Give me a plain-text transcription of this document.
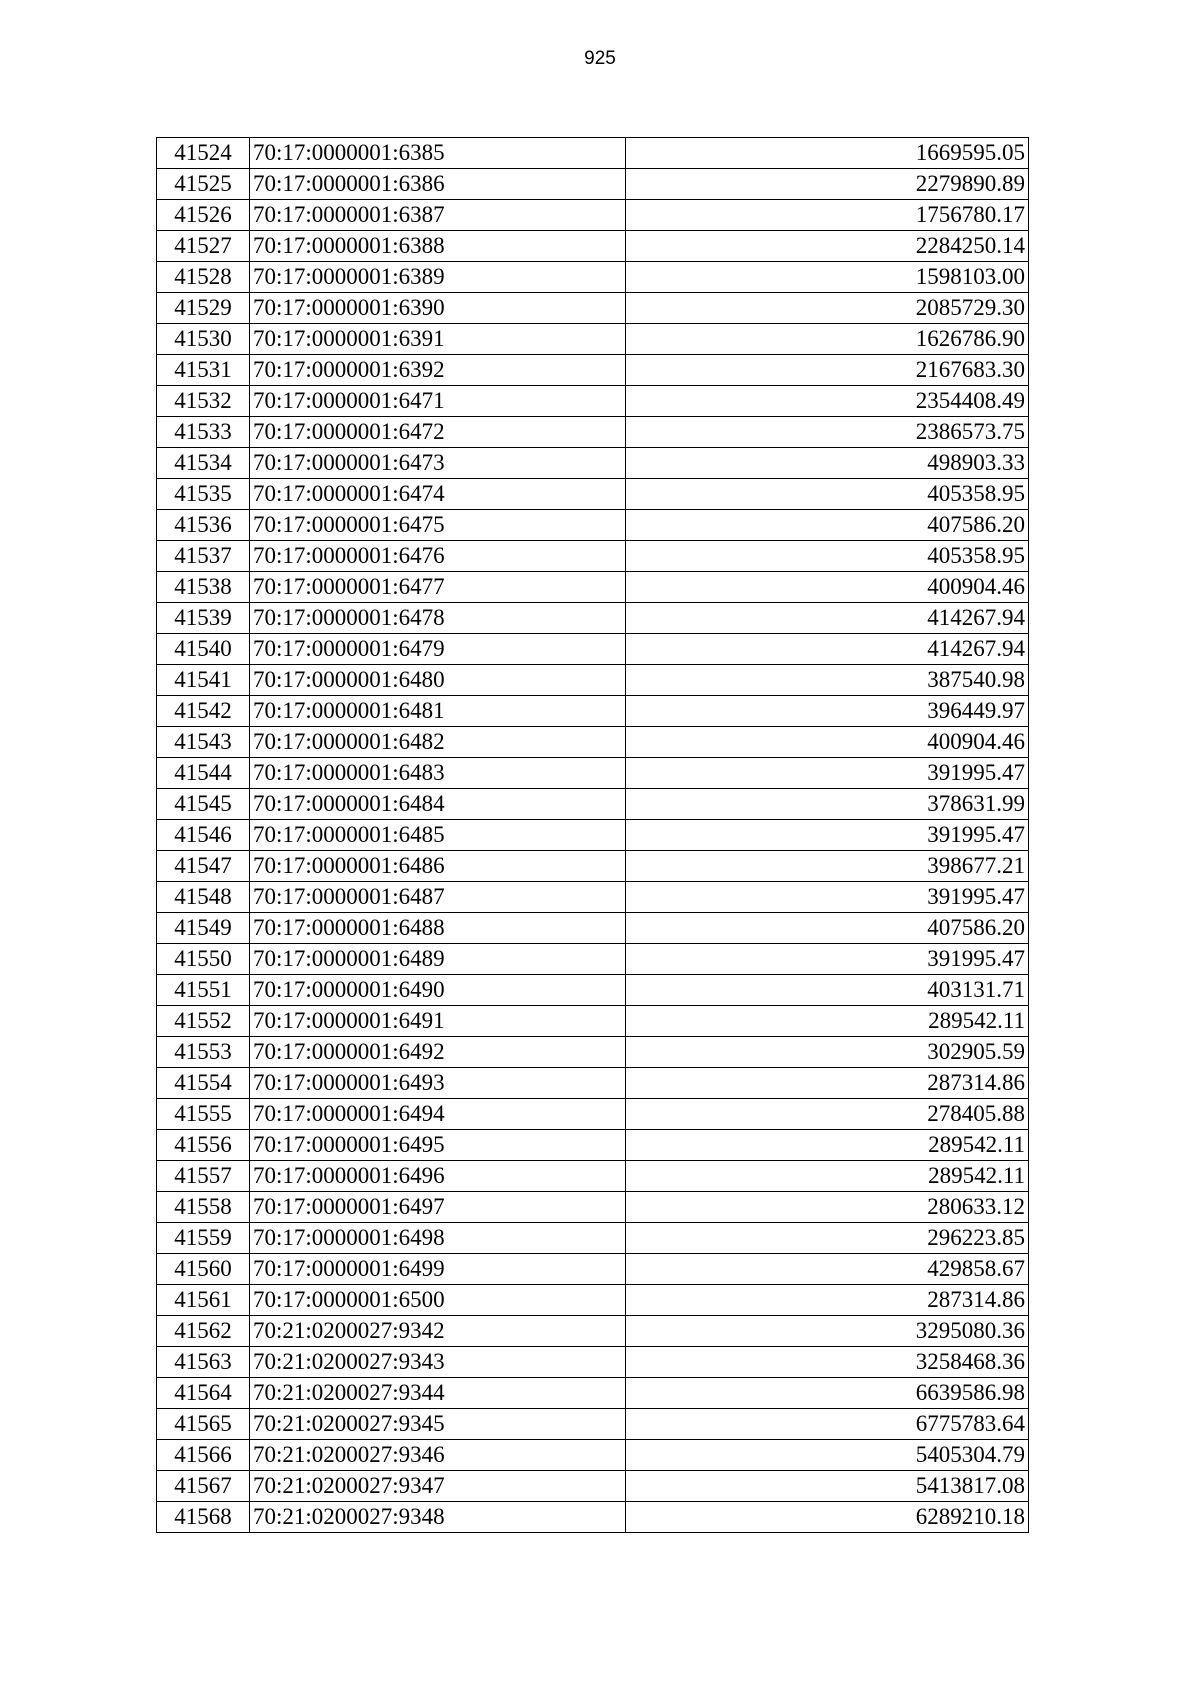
925
41524	70:17:0000001:6385	1669595.05
41525	70:17:0000001:6386	2279890.89
41526	70:17:0000001:6387	1756780.17
41527	70:17:0000001:6388	2284250.14
41528	70:17:0000001:6389	1598103.00
41529	70:17:0000001:6390	2085729.30
41530	70:17:0000001:6391	1626786.90
41531	70:17:0000001:6392	2167683.30
41532	70:17:0000001:6471	2354408.49
41533	70:17:0000001:6472	2386573.75
41534	70:17:0000001:6473	498903.33
41535	70:17:0000001:6474	405358.95
41536	70:17:0000001:6475	407586.20
41537	70:17:0000001:6476	405358.95
41538	70:17:0000001:6477	400904.46
41539	70:17:0000001:6478	414267.94
41540	70:17:0000001:6479	414267.94
41541	70:17:0000001:6480	387540.98
41542	70:17:0000001:6481	396449.97
41543	70:17:0000001:6482	400904.46
41544	70:17:0000001:6483	391995.47
41545	70:17:0000001:6484	378631.99
41546	70:17:0000001:6485	391995.47
41547	70:17:0000001:6486	398677.21
41548	70:17:0000001:6487	391995.47
41549	70:17:0000001:6488	407586.20
41550	70:17:0000001:6489	391995.47
41551	70:17:0000001:6490	403131.71
41552	70:17:0000001:6491	289542.11
41553	70:17:0000001:6492	302905.59
41554	70:17:0000001:6493	287314.86
41555	70:17:0000001:6494	278405.88
41556	70:17:0000001:6495	289542.11
41557	70:17:0000001:6496	289542.11
41558	70:17:0000001:6497	280633.12
41559	70:17:0000001:6498	296223.85
41560	70:17:0000001:6499	429858.67
41561	70:17:0000001:6500	287314.86
41562	70:21:0200027:9342	3295080.36
41563	70:21:0200027:9343	3258468.36
41564	70:21:0200027:9344	6639586.98
41565	70:21:0200027:9345	6775783.64
41566	70:21:0200027:9346	5405304.79
41567	70:21:0200027:9347	5413817.08
41568	70:21:0200027:9348	6289210.18
